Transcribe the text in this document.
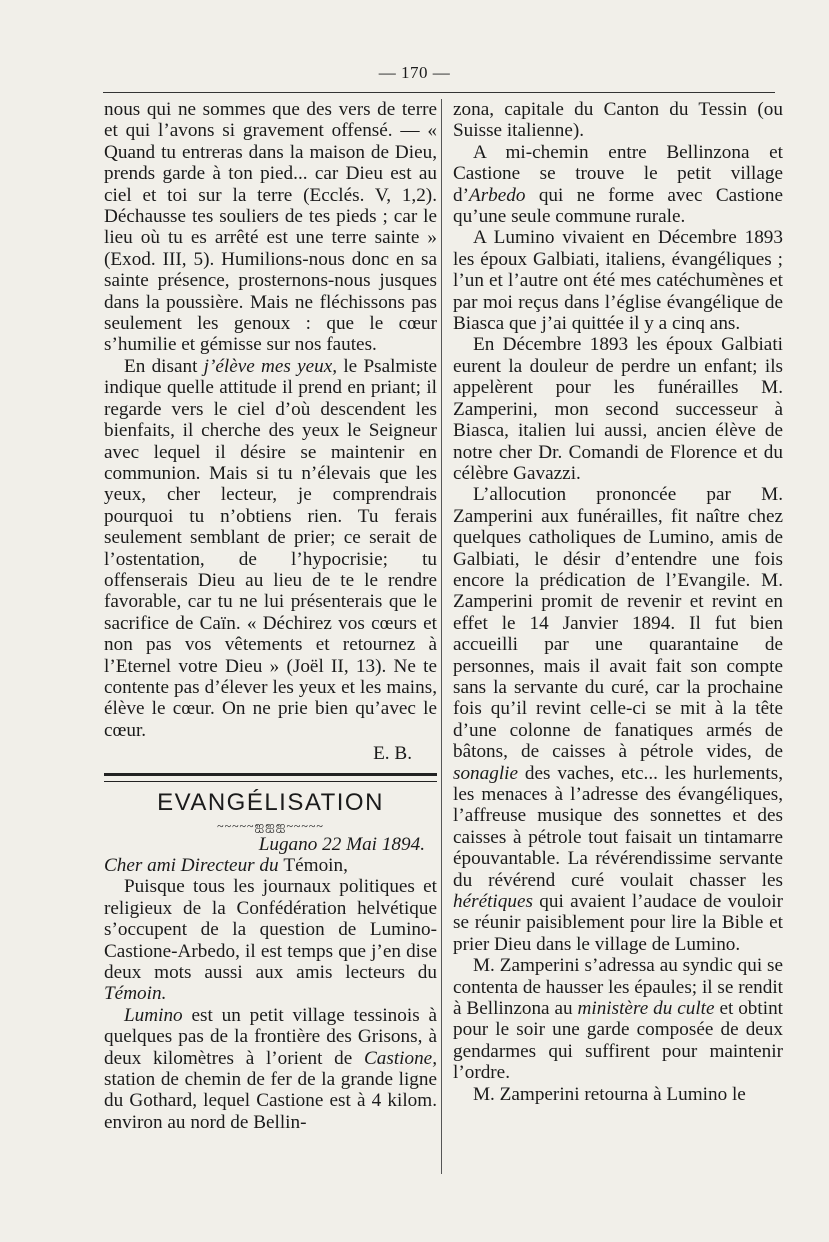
— 170 —

nous qui ne sommes que des vers de terre et qui l’avons si gravement offensé. — « Quand tu entreras dans la maison de Dieu, prends garde à ton pied... car Dieu est au ciel et toi sur la terre (Ecclés. V, 1,2). Déchausse tes souliers de tes pieds ; car le lieu où tu es arrêté est une terre sainte » (Exod. III, 5). Humilions-nous donc en sa sainte présence, prosternons-nous jusques dans la poussière. Mais ne fléchissons pas seulement les genoux : que le cœur s’humilie et gémisse sur nos fautes.

En disant j’élève mes yeux, le Psalmiste indique quelle attitude il prend en priant; il regarde vers le ciel d’où descendent les bienfaits, il cherche des yeux le Seigneur avec lequel il désire se maintenir en communion. Mais si tu n’élevais que les yeux, cher lecteur, je comprendrais pourquoi tu n’obtiens rien. Tu ferais seulement semblant de prier; ce serait de l’ostentation, de l’hypocrisie; tu offenserais Dieu au lieu de te le rendre favorable, car tu ne lui présenterais que le sacrifice de Caïn. « Déchirez vos cœurs et non pas vos vêtements et retournez à l’Eternel votre Dieu » (Joël II, 13). Ne te contente pas d’élever les yeux et les mains, élève le cœur. On ne prie bien qu’avec le cœur.

E. B.
EVANGÉLISATION
~~~~~ஐஐஐ~~~~~
Lugano 22 Mai 1894.

Cher ami Directeur du Témoin,

Puisque tous les journaux politiques et religieux de la Confédération helvétique s’occupent de la question de Lumino-Castione-Arbedo, il est temps que j’en dise deux mots aussi aux amis lecteurs du Témoin.

Lumino est un petit village tessinois à quelques pas de la frontière des Grisons, à deux kilomètres à l’orient de Castione, station de chemin de fer de la grande ligne du Gothard, lequel Castione est à 4 kilom. environ au nord de Bellin-

zona, capitale du Canton du Tessin (ou Suisse italienne).

A mi-chemin entre Bellinzona et Castione se trouve le petit village d’Arbedo qui ne forme avec Castione qu’une seule commune rurale.

A Lumino vivaient en Décembre 1893 les époux Galbiati, italiens, évangéliques ; l’un et l’autre ont été mes catéchumènes et par moi reçus dans l’église évangélique de Biasca que j’ai quittée il y a cinq ans.

En Décembre 1893 les époux Galbiati eurent la douleur de perdre un enfant; ils appelèrent pour les funérailles M. Zamperini, mon second successeur à Biasca, italien lui aussi, ancien élève de notre cher Dr. Comandi de Florence et du célèbre Gavazzi.

L’allocution prononcée par M. Zamperini aux funérailles, fit naître chez quelques catholiques de Lumino, amis de Galbiati, le désir d’entendre une fois encore la prédication de l’Evangile. M. Zamperini promit de revenir et revint en effet le 14 Janvier 1894. Il fut bien accueilli par une quarantaine de personnes, mais il avait fait son compte sans la servante du curé, car la prochaine fois qu’il revint celle-ci se mit à la tête d’une colonne de fanatiques armés de bâtons, de caisses à pétrole vides, de sonaglie des vaches, etc... les hurlements, les menaces à l’adresse des évangéliques, l’affreuse musique des sonnettes et des caisses à pétrole tout faisait un tintamarre épouvantable. La révérendissime servante du révérend curé voulait chasser les hérétiques qui avaient l’audace de vouloir se réunir paisiblement pour lire la Bible et prier Dieu dans le village de Lumino.

M. Zamperini s’adressa au syndic qui se contenta de hausser les épaules; il se rendit à Bellinzona au ministère du culte et obtint pour le soir une garde composée de deux gendarmes qui suffirent pour maintenir l’ordre.

M. Zamperini retourna à Lumino le
